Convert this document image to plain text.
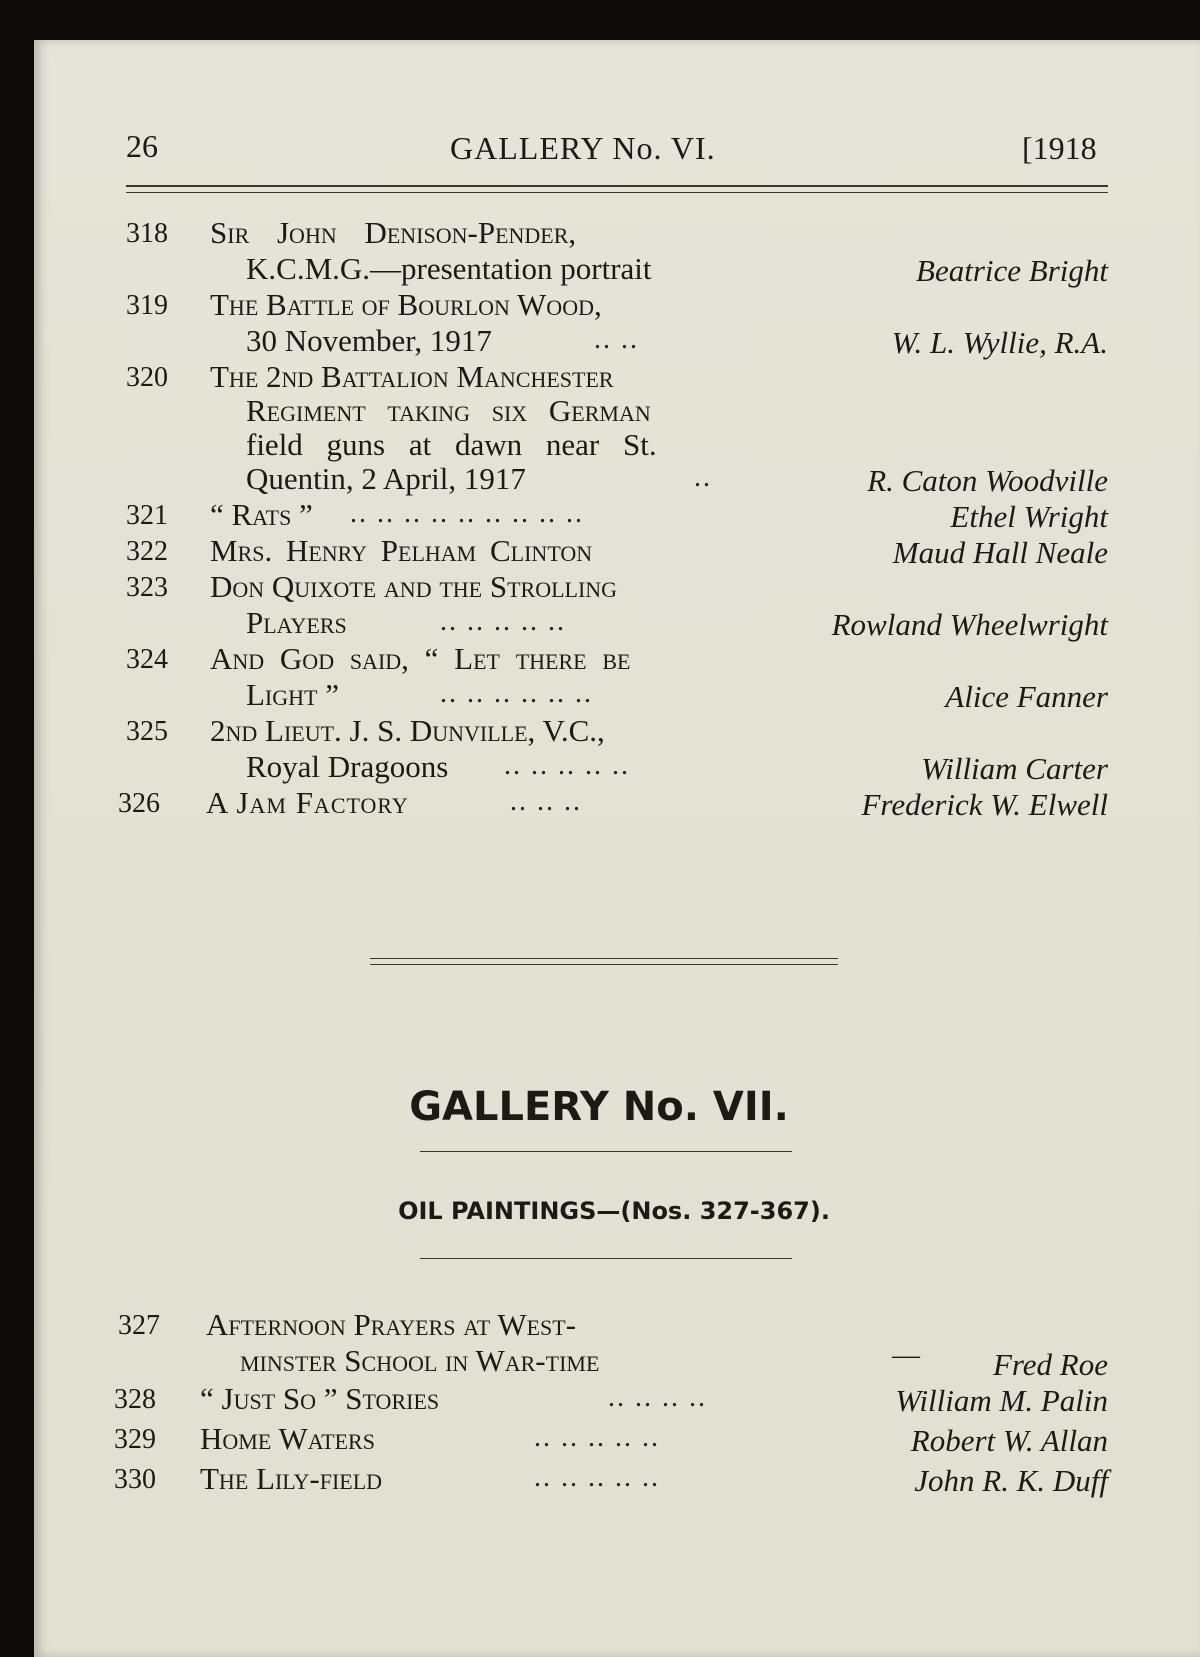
26	GALLERY No. VI.	[1918
318 Sir John Denison-Pender,
K.C.M.G.—presentation portrait	Beatrice Bright
319 The Battle of Bourlon Wood,
30 November, 1917	.. ..	W. L. Wyllie, R.A.
320 The 2nd Battalion Manchester
Regiment taking six German
field guns at dawn near St.
Quentin, 2 April, 1917	..	R. Caton Woodville
321 “ Rats ” .. .. .. .. .. .. .. .. ..	Ethel Wright
322 Mrs. Henry Pelham Clinton	Maud Hall Neale
323 Don Quixote and the Strolling
Players	.. .. .. .. ..	Rowland Wheelwright
324 And God said, “ Let there be
Light ”	.. .. .. .. .. ..	Alice Fanner
325 2nd Lieut. J. S. Dunville, V.C.,
Royal Dragoons .. .. .. .. ..	William Carter
326 A Jam Factory	.. .. ..	Frederick W. Elwell
GALLERY No. VII.
OIL PAINTINGS—(Nos. 327-367).
327 Afternoon Prayers at West-
minster School in War-time	— Fred Roe
328 “ Just So ” Stories	.. .. .. ..	William M. Palin
329 Home Waters	.. .. .. .. ..	Robert W. Allan
330 The Lily-field	.. .. .. .. ..	John R. K. Duff
